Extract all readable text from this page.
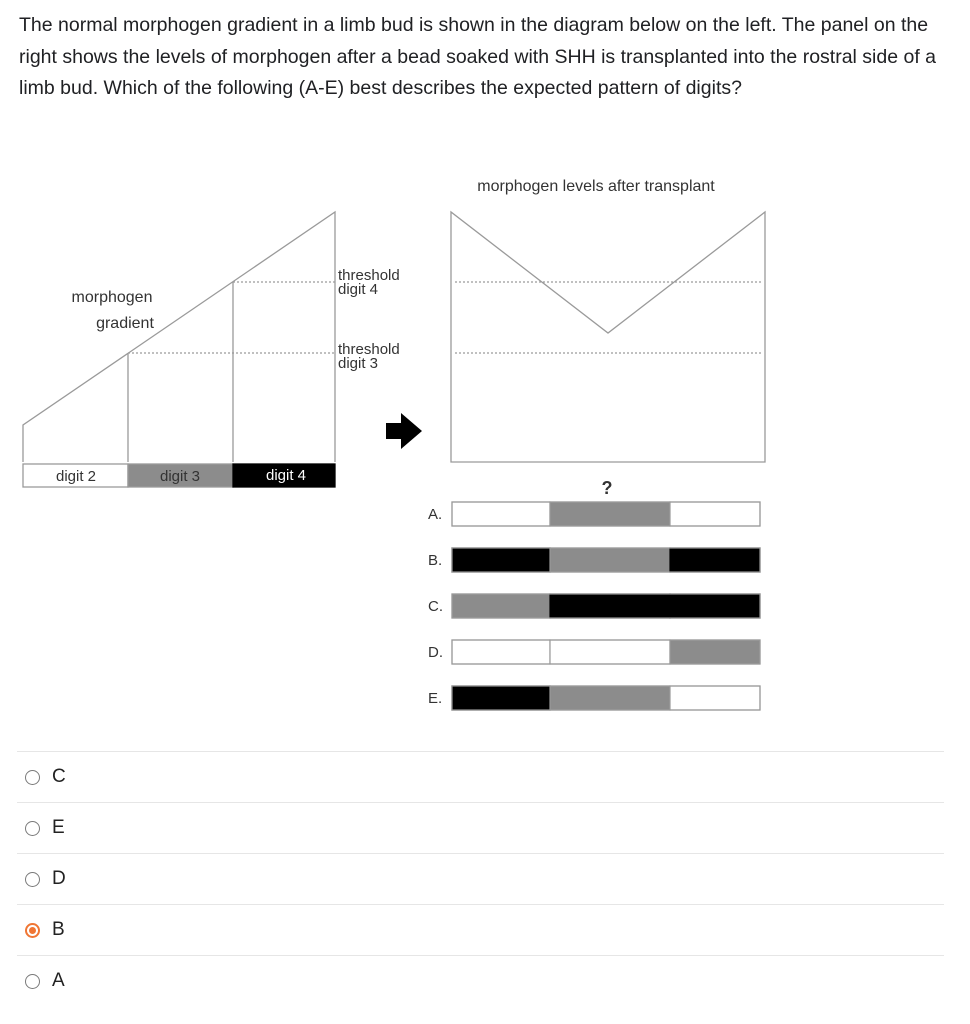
The normal morphogen gradient in a limb bud is shown in the diagram below on the left. The panel on the right shows the levels of morphogen after a bead soaked with SHH is transplanted into the rostral side of a limb bud. Which of the following (A-E) best describes the expected pattern of digits?

morphogen
gradient
threshold
digit 4
threshold
digit 3
digit 2	digit 3	digit 4
morphogen levels after transplant
?
A.
B.
C.
D.
E.
C
E
D
B
A
